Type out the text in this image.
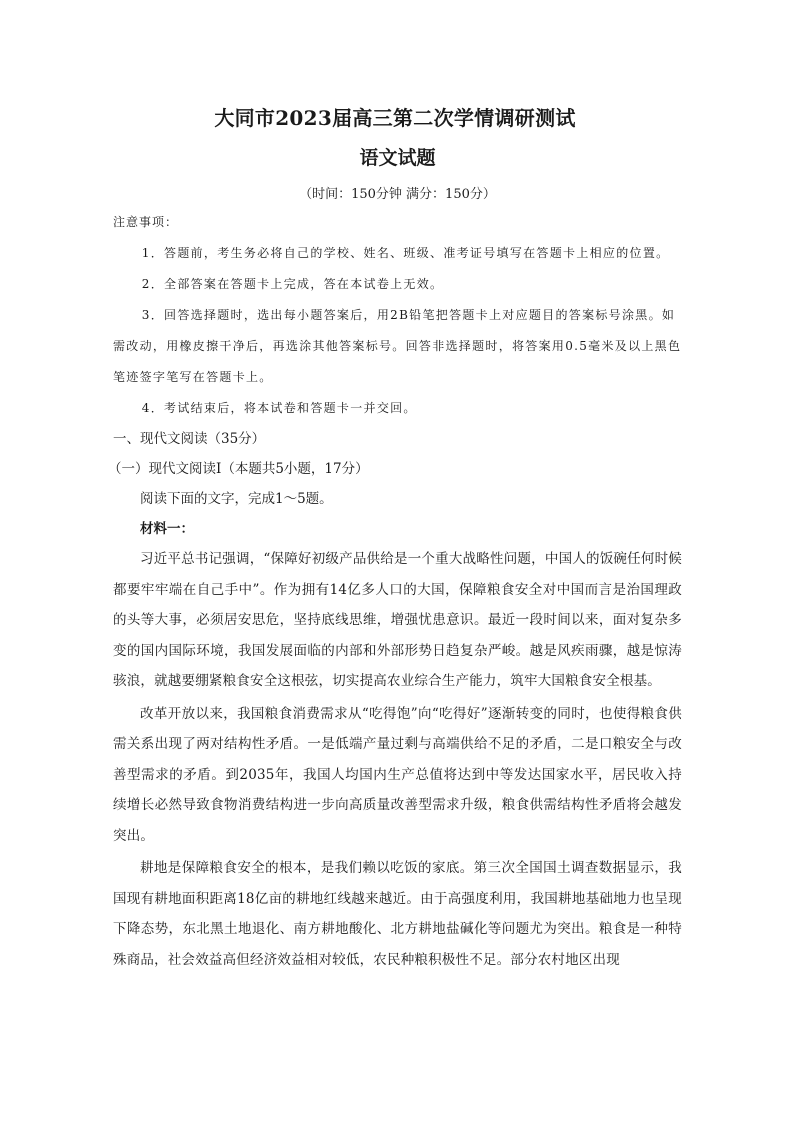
大同市2023届高三第二次学情调研测试
语文试题
（时间：150分钟 满分：150分）
注意事项：

1．答题前，考生务必将自己的学校、姓名、班级、准考证号填写在答题卡上相应的位置。

2．全部答案在答题卡上完成，答在本试卷上无效。

3．回答选择题时，选出每小题答案后，用2B铅笔把答题卡上对应题目的答案标号涂黑。如需改动，用橡皮擦干净后，再选涂其他答案标号。回答非选择题时，将答案用0.5毫米及以上黑色笔迹签字笔写在答题卡上。

4．考试结束后，将本试卷和答题卡一并交回。

一、现代文阅读（35分）
（一）现代文阅读Ⅰ（本题共5小题，17分）
阅读下面的文字，完成1～5题。
材料一：

习近平总书记强调，“保障好初级产品供给是一个重大战略性问题，中国人的饭碗任何时候都要牢牢端在自己手中”。作为拥有14亿多人口的大国，保障粮食安全对中国而言是治国理政的头等大事，必须居安思危，坚持底线思维，增强忧患意识。最近一段时间以来，面对复杂多变的国内国际环境，我国发展面临的内部和外部形势日趋复杂严峻。越是风疾雨骤，越是惊涛骇浪，就越要绷紧粮食安全这根弦，切实提高农业综合生产能力，筑牢大国粮食安全根基。

改革开放以来，我国粮食消费需求从“吃得饱”向“吃得好”逐渐转变的同时，也使得粮食供需关系出现了两对结构性矛盾。一是低端产量过剩与高端供给不足的矛盾，二是口粮安全与改善型需求的矛盾。到2035年，我国人均国内生产总值将达到中等发达国家水平，居民收入持续增长必然导致食物消费结构进一步向高质量改善型需求升级，粮食供需结构性矛盾将会越发突出。

耕地是保障粮食安全的根本，是我们赖以吃饭的家底。第三次全国国土调查数据显示，我国现有耕地面积距离18亿亩的耕地红线越来越近。由于高强度利用，我国耕地基础地力也呈现下降态势，东北黑土地退化、南方耕地酸化、北方耕地盐碱化等问题尤为突出。粮食是一种特殊商品，社会效益高但经济效益相对较低，农民种粮积极性不足。部分农村地区出现
